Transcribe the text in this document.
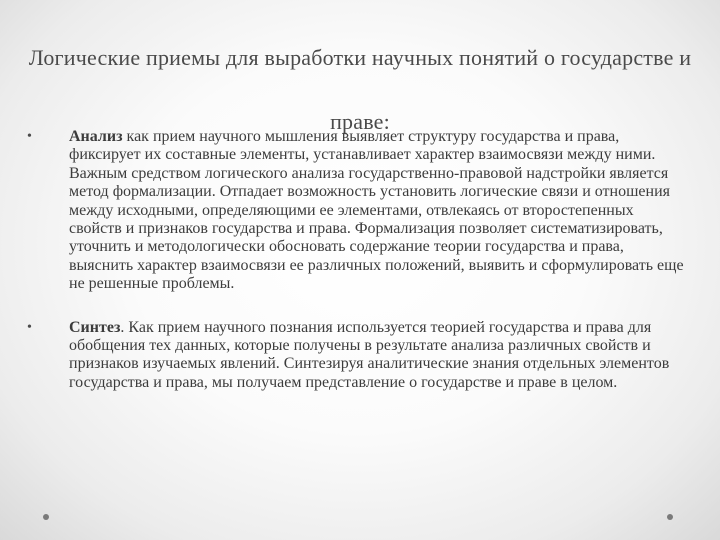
Логические приемы для выработки научных понятий о государстве и праве:
• Анализ как прием научного мышления выявляет структуру государства и права, фиксирует их составные элементы, устанавливает характер взаимосвязи между ними. Важным средством логического анализа государственно-правовой надстройки является метод формализации. Отпадает возможность установить логические связи и отношения между исходными, определяющими ее элементами, отвлекаясь от второстепенных свойств и признаков государства и права. Формализация позволяет систематизировать, уточнить и методологически обосновать содержание теории государства и права, выяснить характер взаимосвязи ее различных положений, выявить и сформулировать еще не решенные проблемы.
• Синтез. Как прием научного познания используется теорией государства и права для обобщения тех данных, которые получены в результате анализа различных свойств и признаков изучаемых явлений. Синтезируя аналитические знания отдельных элементов государства и права, мы получаем представление о государстве и праве в целом.
